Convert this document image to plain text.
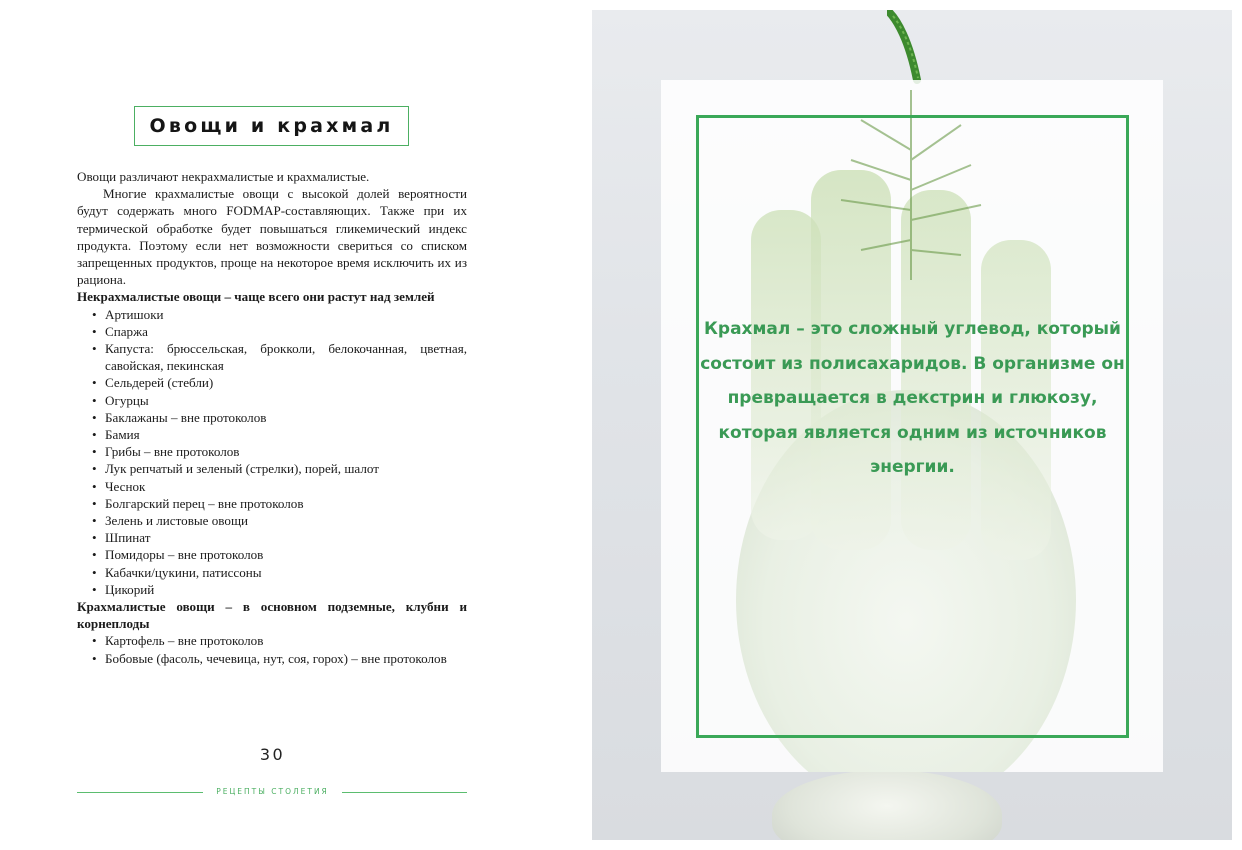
Овощи и крахмал

Овощи различают некрахмалистые и крахмалистые.

Многие крахмалистые овощи с высокой долей вероятности будут содержать много FODMAP-составляющих. Также при их термической обработке будет повышаться гликемический индекс продукта. Поэтому если нет возможности свериться со списком запрещенных продуктов, проще на некоторое время исключить их из рациона.

Некрахмалистые овощи – чаще всего они растут над землей

• Артишоки
• Спаржа
• Капуста: брюссельская, брокколи, белокочанная, цветная, савойская, пекинская
• Сельдерей (стебли)
• Огурцы
• Баклажаны – вне протоколов
• Бамия
• Грибы – вне протоколов
• Лук репчатый и зеленый (стрелки), порей, шалот
• Чеснок
• Болгарский перец – вне протоколов
• Зелень и листовые овощи
• Шпинат
• Помидоры – вне протоколов
• Кабачки/цукини, патиссоны
• Цикорий

Крахмалистые овощи – в основном подземные, клубни и корнеплоды

• Картофель – вне протоколов
• Бобовые (фасоль, чечевица, нут, соя, горох) – вне протоколов
30
РЕЦЕПТЫ СТОЛЕТИЯ
Крахмал – это сложный углевод, который состоит из полисахаридов. В организме он превращается в декстрин и глюкозу, которая является одним из источников энергии.
